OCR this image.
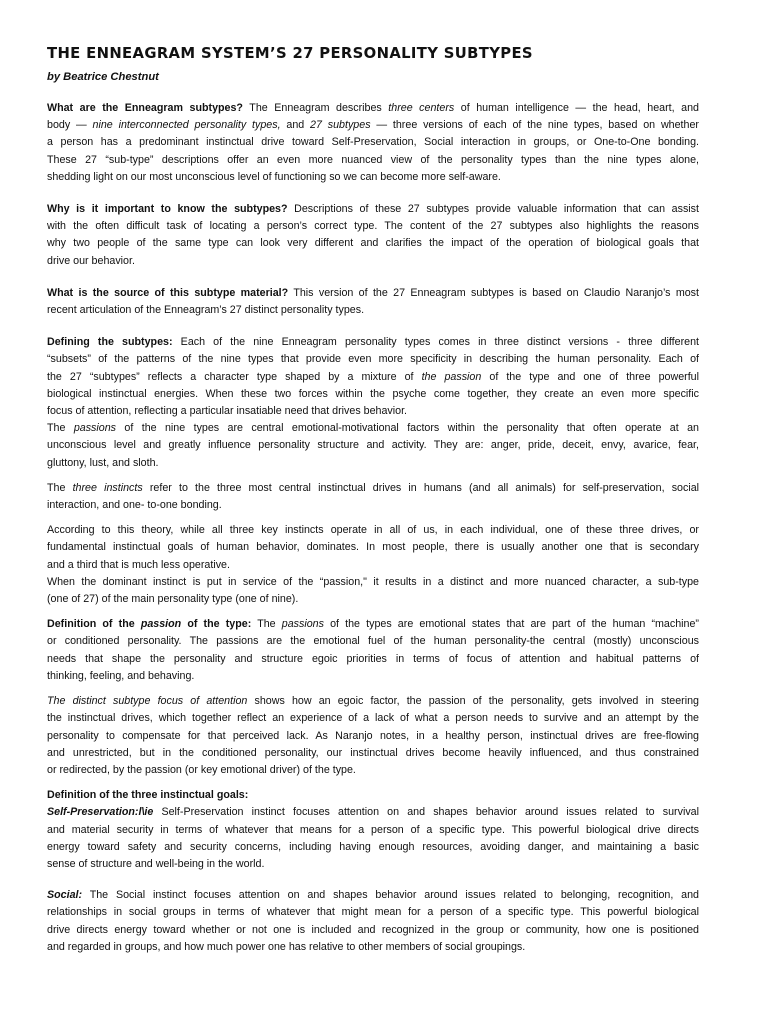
THE ENNEAGRAM SYSTEM’S 27 PERSONALITY SUBTYPES
by Beatrice Chestnut
What are the Enneagram subtypes? The Enneagram describes three centers of human intelligence — the head, heart, and
body — nine interconnected personality types, and 27 subtypes — three versions of each of the nine types, based on whether
a person has a predominant instinctual drive toward Self-Preservation, Social interaction in groups, or One-to-One bonding.
These 27 “sub-type” descriptions offer an even more nuanced view of the personality types than the nine types alone,
shedding light on our most unconscious level of functioning so we can become more self-aware.
Why is it important to know the subtypes? Descriptions of these 27 subtypes provide valuable information that can assist
with the often difficult task of locating a person’s correct type. The content of the 27 subtypes also highlights the reasons
why two people of the same type can look very different and clarifies the impact of the operation of biological goals that
drive our behavior.
What is the source of this subtype material? This version of the 27 Enneagram subtypes is based on Claudio Naranjo’s most
recent articulation of the Enneagram’s 27 distinct personality types.
Defining the subtypes: Each of the nine Enneagram personality types comes in three distinct versions - three different
“subsets” of the patterns of the nine types that provide even more specificity in describing the human personality. Each of
the 27 “subtypes” reflects a character type shaped by a mixture of the passion of the type and one of three powerful
biological instinctual energies. When these two forces within the psyche come together, they create an even more specific
focus of attention, reflecting a particular insatiable need that drives behavior.
The passions of the nine types are central emotional-motivational factors within the personality that often operate at an
unconscious level and greatly influence personality structure and activity. They are: anger, pride, deceit, envy, avarice, fear,
gluttony, lust, and sloth.
The three instincts refer to the three most central instinctual drives in humans (and all animals) for self-preservation, social
interaction, and one- to-one bonding.
According to this theory, while all three key instincts operate in all of us, in each individual, one of these three drives, or
fundamental instinctual goals of human behavior, dominates. In most people, there is usually another one that is secondary
and a third that is much less operative.
When the dominant instinct is put in service of the “passion," it results in a distinct and more nuanced character, a sub-type
(one of 27) of the main personality type (one of nine).
Definition of the passion of the type: The passions of the types are emotional states that are part of the human “machine”
or conditioned personality. The passions are the emotional fuel of the human personality-the central (mostly) unconscious
needs that shape the personality and structure egoic priorities in terms of focus of attention and habitual patterns of
thinking, feeling, and behaving.
The distinct subtype focus of attention shows how an egoic factor, the passion of the personality, gets involved in steering
the instinctual drives, which together reflect an experience of a lack of what a person needs to survive and an attempt by the
personality to compensate for that perceived lack. As Naranjo notes, in a healthy person, instinctual drives are free-flowing
and unrestricted, but in the conditioned personality, our instinctual drives become heavily influenced, and thus constrained
or redirected, by the passion (or key emotional driver) of the type.
Definition of the three instinctual goals:
Self-Preservation:l\ie Self-Preservation instinct focuses attention on and shapes behavior around issues related to survival
and material security in terms of whatever that means for a person of a specific type. This powerful biological drive directs
energy toward safety and security concerns, including having enough resources, avoiding danger, and maintaining a basic
sense of structure and well-being in the world.
Social: The Social instinct focuses attention on and shapes behavior around issues related to belonging, recognition, and
relationships in social groups in terms of whatever that might mean for a person of a specific type. This powerful biological
drive directs energy toward whether or not one is included and recognized in the group or community, how one is positioned
and regarded in groups, and how much power one has relative to other members of social groupings.
